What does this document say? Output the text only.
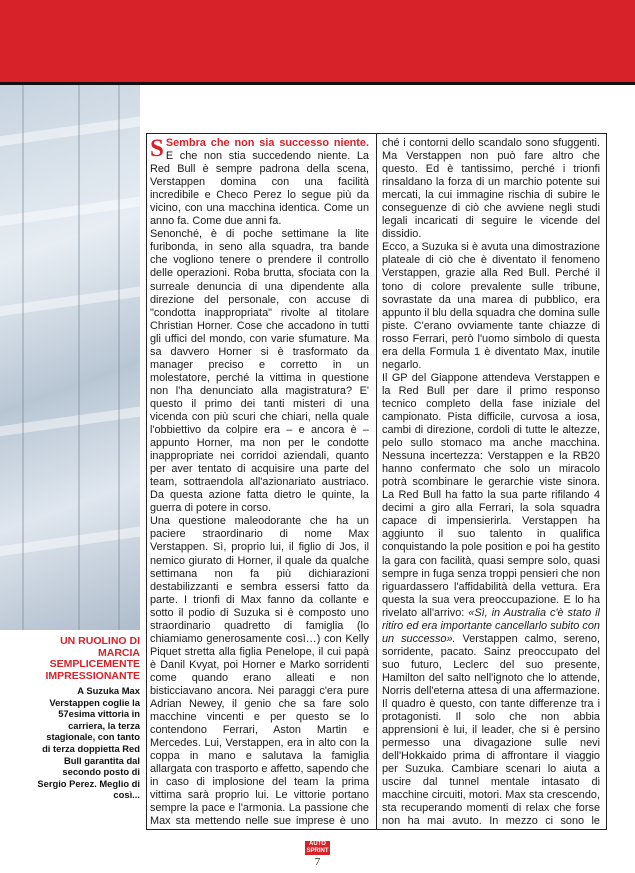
S Sembra che non sia successo niente. E che non stia succedendo niente. La Red Bull è sempre padrona della scena, Verstappen domina con una facilità incredibile e Checo Perez lo segue più da vicino, con una macchina identica. Come un anno fa. Come due anni fa.

Senonché, è di poche settimane la lite furibonda, in seno alla squadra, tra bande che vogliono tenere o prendere il controllo delle operazioni. Roba brutta, sfociata con la surreale denuncia di una dipendente alla direzione del personale, con accuse di "condotta inappropriata" rivolte al titolare Christian Horner. Cose che accadono in tutti gli uffici del mondo, con varie sfumature. Ma sa davvero Horner si è trasformato da manager preciso e corretto in un molestatore, perché la vittima in questione non l'ha denunciato alla magistratura? E' questo il primo dei tanti misteri di una vicenda con più scuri che chiari, nella quale l'obbiettivo da colpire era – e ancora è – appunto Horner, ma non per le condotte inappropriate nei corridoi aziendali, quanto per aver tentato di acquisire una parte del team, sottraendola all'azionariato austriaco. Da questa azione fatta dietro le quinte, la guerra di potere in corso.

Una questione maleodorante che ha un paciere straordinario di nome Max Verstappen. Sì, proprio lui, il figlio di Jos, il nemico giurato di Horner, il quale da qualche settimana non fa più dichiarazioni destabilizzanti e sembra essersi fatto da parte. I trionfi di Max fanno da collante e sotto il podio di Suzuka si è composto uno straordinario quadretto di famiglia (lo chiamiamo generosamente così…) con Kelly Piquet stretta alla figlia Penelope, il cui papà è Danil Kvyat, poi Horner e Marko sorridenti come quando erano alleati e non bisticciavano ancora. Nei paraggi c'era pure Adrian Newey, il genio che sa fare solo macchine vincenti e per questo se lo contendono Ferrari, Aston Martin e Mercedes. Lui, Verstappen, era in alto con la coppa in mano e salutava la famiglia allargata con trasporto e affetto, sapendo che in caso di implosione del team la prima vittima sarà proprio lui. Le vittorie portano sempre la pace e l'armonia. La passione che Max sta mettendo nelle sue imprese è uno

ché i contorni dello scandalo sono sfuggenti. Ma Verstappen non può fare altro che questo. Ed è tantissimo, perché i trionfi rinsaldano la forza di un marchio potente sui mercati, la cui immagine rischia di subire le conseguenze di ciò che avviene negli studi legali incaricati di seguire le vicende del dissidio.

Ecco, a Suzuka si è avuta una dimostrazione plateale di ciò che è diventato il fenomeno Verstappen, grazie alla Red Bull. Perché il tono di colore prevalente sulle tribune, sovrastate da una marea di pubblico, era appunto il blu della squadra che domina sulle piste. C'erano ovviamente tante chiazze di rosso Ferrari, però l'uomo simbolo di questa era della Formula 1 è diventato Max, inutile negarlo.

Il GP del Giappone attendeva Verstappen e la Red Bull per dare il primo responso tecnico completo della fase iniziale del campionato. Pista difficile, curvosa a iosa, cambi di direzione, cordoli di tutte le altezze, pelo sullo stomaco ma anche macchina. Nessuna incertezza: Verstappen e la RB20 hanno confermato che solo un miracolo potrà scombinare le gerarchie viste sinora. La Red Bull ha fatto la sua parte rifilando 4 decimi a giro alla Ferrari, la sola squadra capace di impensierirla. Verstappen ha aggiunto il suo talento in qualifica conquistando la pole position e poi ha gestito la gara con facilità, quasi sempre solo, quasi sempre in fuga senza troppi pensieri che non riguardassero l'affidabilità della vettura. Era questa la sua vera preoccupazione. E lo ha rivelato all'arrivo: «Sì, in Australia c'è stato il ritiro ed era importante cancellarlo subito con un successo». Verstappen calmo, sereno, sorridente, pacato. Sainz preoccupato del suo futuro, Leclerc del suo presente, Hamilton del salto nell'ignoto che lo attende, Norris dell'eterna attesa di una affermazione. Il quadro è questo, con tante differenze tra i protagonisti. Il solo che non abbia apprensioni è lui, il leader, che si è persino permesso una divagazione sulle nevi dell'Hokkaido prima di affrontare il viaggio per Suzuka. Cambiare scenari lo aiuta a uscire dal tunnel mentale intasato di macchine circuiti, motori. Max sta crescendo, sta recuperando momenti di relax che forse non ha mai avuto. In mezzo ci sono le

UN RUOLINO DI MARCIA SEMPLICEMENTE IMPRESSIONANTE
A Suzuka Max Verstappen coglie la 57esima vittoria in carriera, la terza stagionale, con tanto di terza doppietta Red Bull garantita dal secondo posto di Sergio Perez. Meglio di così...
AUTO
SPRINT
7
